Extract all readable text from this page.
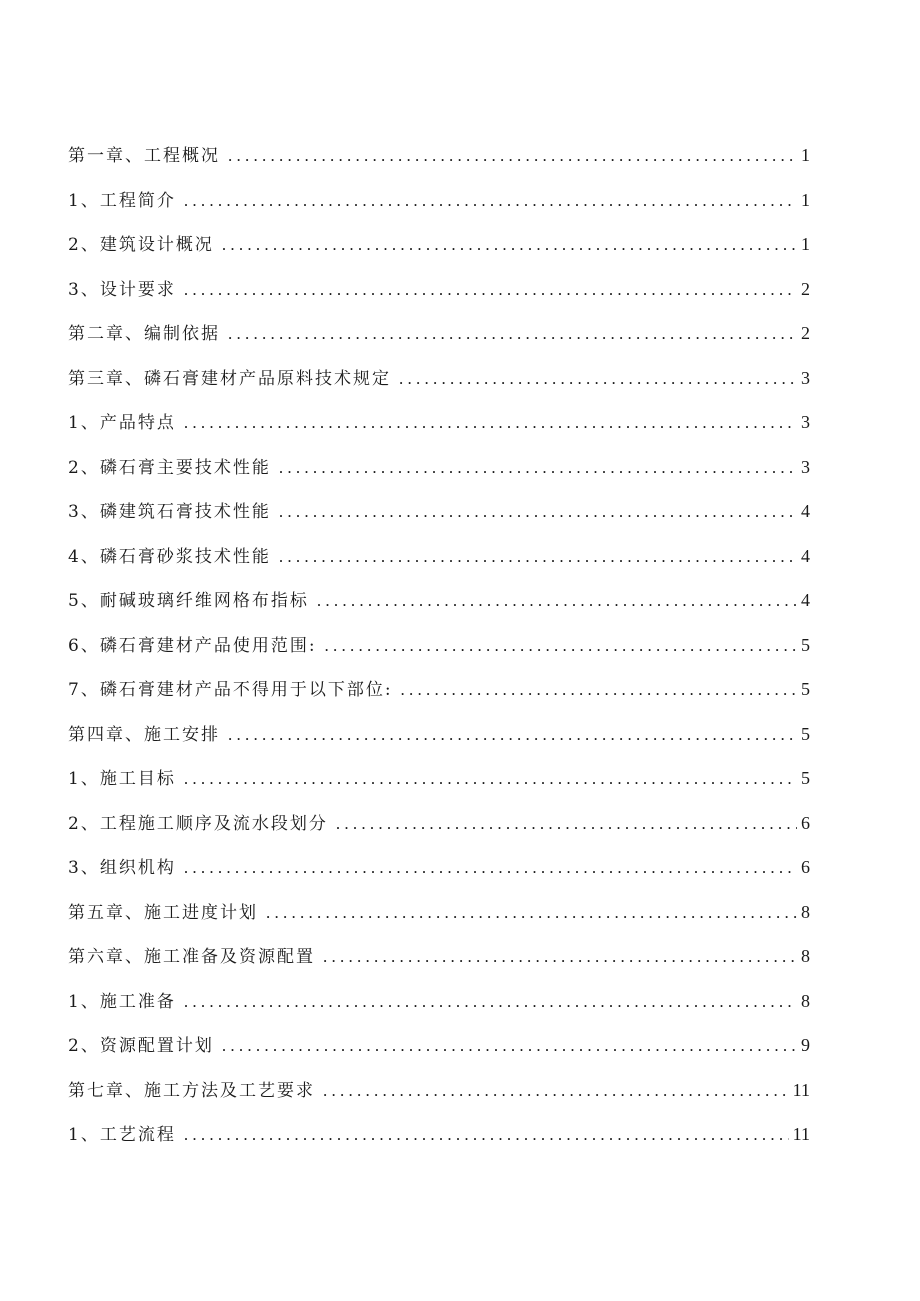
第一章、工程概况 . . .	1
1、工程简介 . . .	1
2、建筑设计概况 . . .	1
3、设计要求 . . .	2
第二章、编制依据 . . .	2
第三章、磷石膏建材产品原料技术规定 . . .	3
1、产品特点 . . .	3
2、磷石膏主要技术性能 . . .	3
3、磷建筑石膏技术性能 . . .	4
4、磷石膏砂浆技术性能 . . .	4
5、耐碱玻璃纤维网格布指标 . . .	4
6、磷石膏建材产品使用范围: . . .	5
7、磷石膏建材产品不得用于以下部位: . . .	5
第四章、施工安排 . . .	5
1、施工目标 . . .	5
2、工程施工顺序及流水段划分 . . .	6
3、组织机构 . . .	6
第五章、施工进度计划 . . .	8
第六章、施工准备及资源配置 . . .	8
1、施工准备 . . .	8
2、资源配置计划 . . .	9
第七章、施工方法及工艺要求 . . .	11
1、工艺流程 . . .	11
